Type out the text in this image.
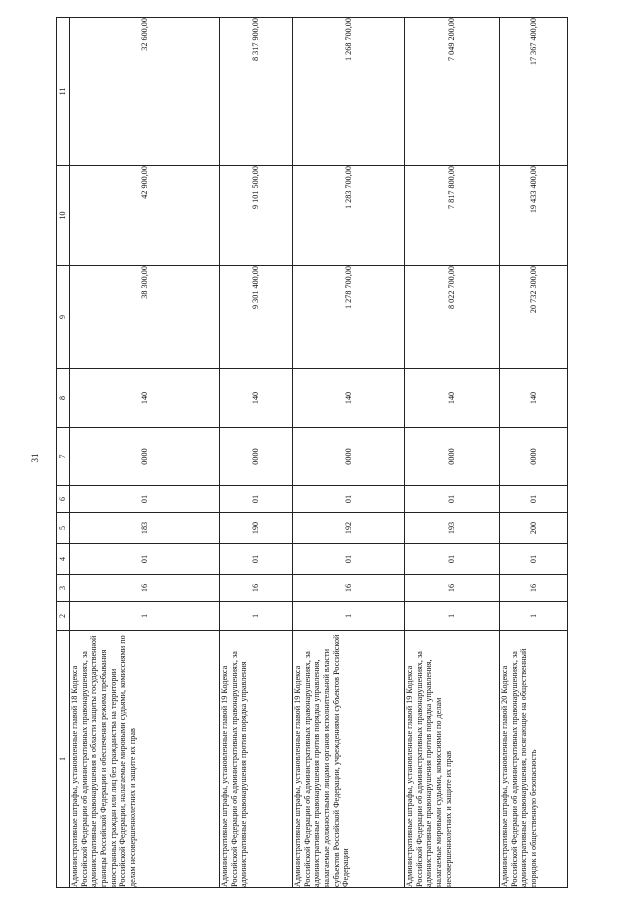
31
1	2	3	4	5	6	7	8	9	10	11
Административные штрафы, установленные главой 18 Кодекса Российской Федерации об административных правонарушениях, за административные правонарушения в области защиты государственной границы Российской Федерации и обеспечения режима пребывания иностранных граждан или лиц без гражданства на территории Российской Федерации, налагаемые мировыми судьями, комиссиями по делам несовершеннолетних и защите их прав	1	16	01	183	01	0000	140	38 300,00	42 900,00	32 600,00
Административные штрафы, установленные главой 19 Кодекса Российской Федерации об административных правонарушениях, за административные правонарушения против порядка управления	1	16	01	190	01	0000	140	9 301 400,00	9 101 500,00	8 317 900,00
Административные штрафы, установленные главой 19 Кодекса Российской Федерации об административных правонарушениях, за административные правонарушения против порядка управления, налагаемые должностными лицами органов исполнительной власти субъектов Российской Федерации, учреждениями субъектов Российской Федерации	1	16	01	192	01	0000	140	1 278 700,00	1 283 700,00	1 268 700,00
Административные штрафы, установленные главой 19 Кодекса Российской Федерации об административных правонарушениях, за административные правонарушения против порядка управления, налагаемые мировыми судьями, комиссиями по делам несовершеннолетних и защите их прав	1	16	01	193	01	0000	140	8 022 700,00	7 817 800,00	7 049 200,00
Административные штрафы, установленные главой 20 Кодекса Российской Федерации об административных правонарушениях, за административные правонарушения, посягающие на общественный порядок и общественную безопасность	1	16	01	200	01	0000	140	20 732 300,00	19 433 400,00	17 367 400,00
